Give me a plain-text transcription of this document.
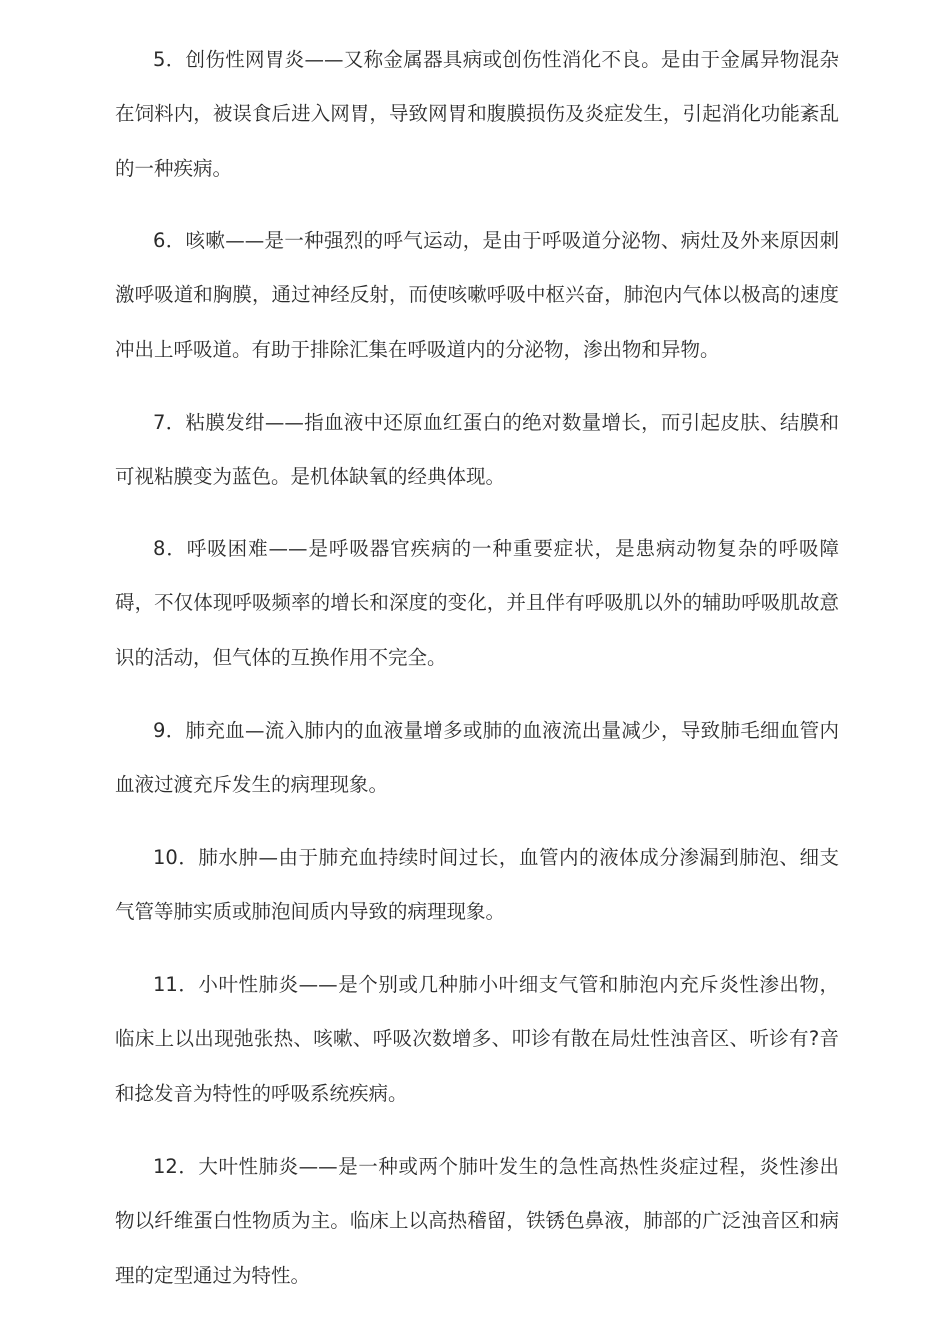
5．创伤性网胃炎——又称金属器具病或创伤性消化不良。是由于金属异物混杂在饲料内，被误食后进入网胃，导致网胃和腹膜损伤及炎症发生，引起消化功能紊乱的一种疾病。

6．咳嗽——是一种强烈的呼气运动，是由于呼吸道分泌物、病灶及外来原因刺激呼吸道和胸膜，通过神经反射，而使咳嗽呼吸中枢兴奋，肺泡内气体以极高的速度冲出上呼吸道。有助于排除汇集在呼吸道内的分泌物，渗出物和异物。

7．粘膜发绀——指血液中还原血红蛋白的绝对数量增长，而引起皮肤、结膜和可视粘膜变为蓝色。是机体缺氧的经典体现。

8．呼吸困难——是呼吸器官疾病的一种重要症状，是患病动物复杂的呼吸障碍，不仅体现呼吸频率的增长和深度的变化，并且伴有呼吸肌以外的辅助呼吸肌故意识的活动，但气体的互换作用不完全。

9．肺充血—流入肺内的血液量增多或肺的血液流出量减少，导致肺毛细血管内血液过渡充斥发生的病理现象。

10．肺水肿—由于肺充血持续时间过长，血管内的液体成分渗漏到肺泡、细支气管等肺实质或肺泡间质内导致的病理现象。

11．小叶性肺炎——是个别或几种肺小叶细支气管和肺泡内充斥炎性渗出物，临床上以出现弛张热、咳嗽、呼吸次数增多、叩诊有散在局灶性浊音区、听诊有?音和捻发音为特性的呼吸系统疾病。

12．大叶性肺炎——是一种或两个肺叶发生的急性高热性炎症过程，炎性渗出物以纤维蛋白性物质为主。临床上以高热稽留，铁锈色鼻液，肺部的广泛浊音区和病理的定型通过为特性。
